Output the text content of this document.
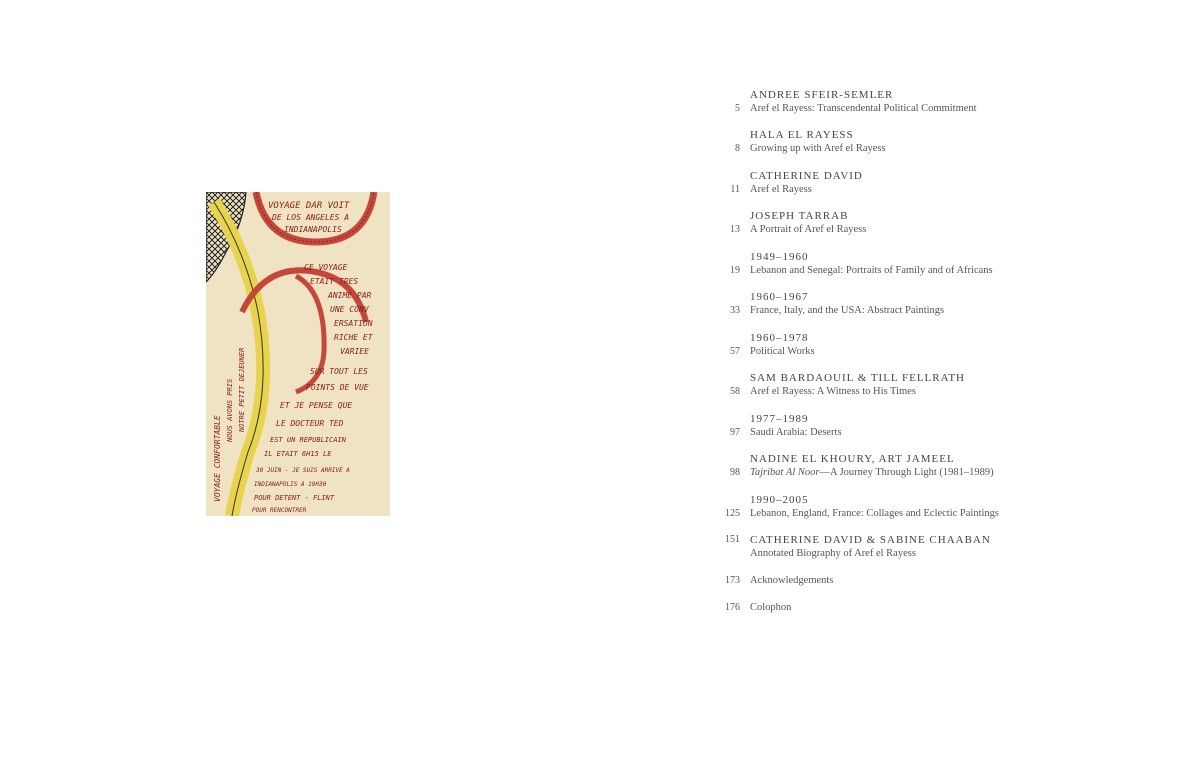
VOYAGE DAR VOIT
DE LOS ANGELES A
INDIANAPOLIS
CE VOYAGE
ETAIT TRES
ANIME PAR
UNE CONV
ERSATION
RICHE ET
VARIEE
SUR TOUT LES
POINTS DE VUE
ET JE PENSE QUE
LE DOCTEUR TED
EST UN REPUBLICAIN
IL ETAIT 6H15 LE
30 JUIN - JE SUIS ARRIVE A
INDIANAPOLIS A 19H30
POUR DETENT - FLINT
POUR RENCONTRER
VOYAGE CONFORTABLE
NOUS AVONS PRIS NOTRE PETIT DEJEUNER
ANDREE SFEIR-SEMLER
5 Aref el Rayess: Transcendental Political Commitment
HALA EL RAYESS
8 Growing up with Aref el Rayess
CATHERINE DAVID
11 Aref el Rayess
JOSEPH TARRAB
13 A Portrait of Aref el Rayess
1949–1960
19 Lebanon and Senegal: Portraits of Family and of Africans
1960–1967
33 France, Italy, and the USA: Abstract Paintings
1960–1978
57 Political Works
SAM BARDAOUIL & TILL FELLRATH
58 Aref el Rayess: A Witness to His Times
1977–1989
97 Saudi Arabia: Deserts
NADINE EL KHOURY, ART JAMEEL
98 Tajribat Al Noor—A Journey Through Light (1981–1989)
1990–2005
125 Lebanon, England, France: Collages and Eclectic Paintings
151 CATHERINE DAVID & SABINE CHAABAN
Annotated Biography of Aref el Rayess
173 Acknowledgements
176 Colophon
